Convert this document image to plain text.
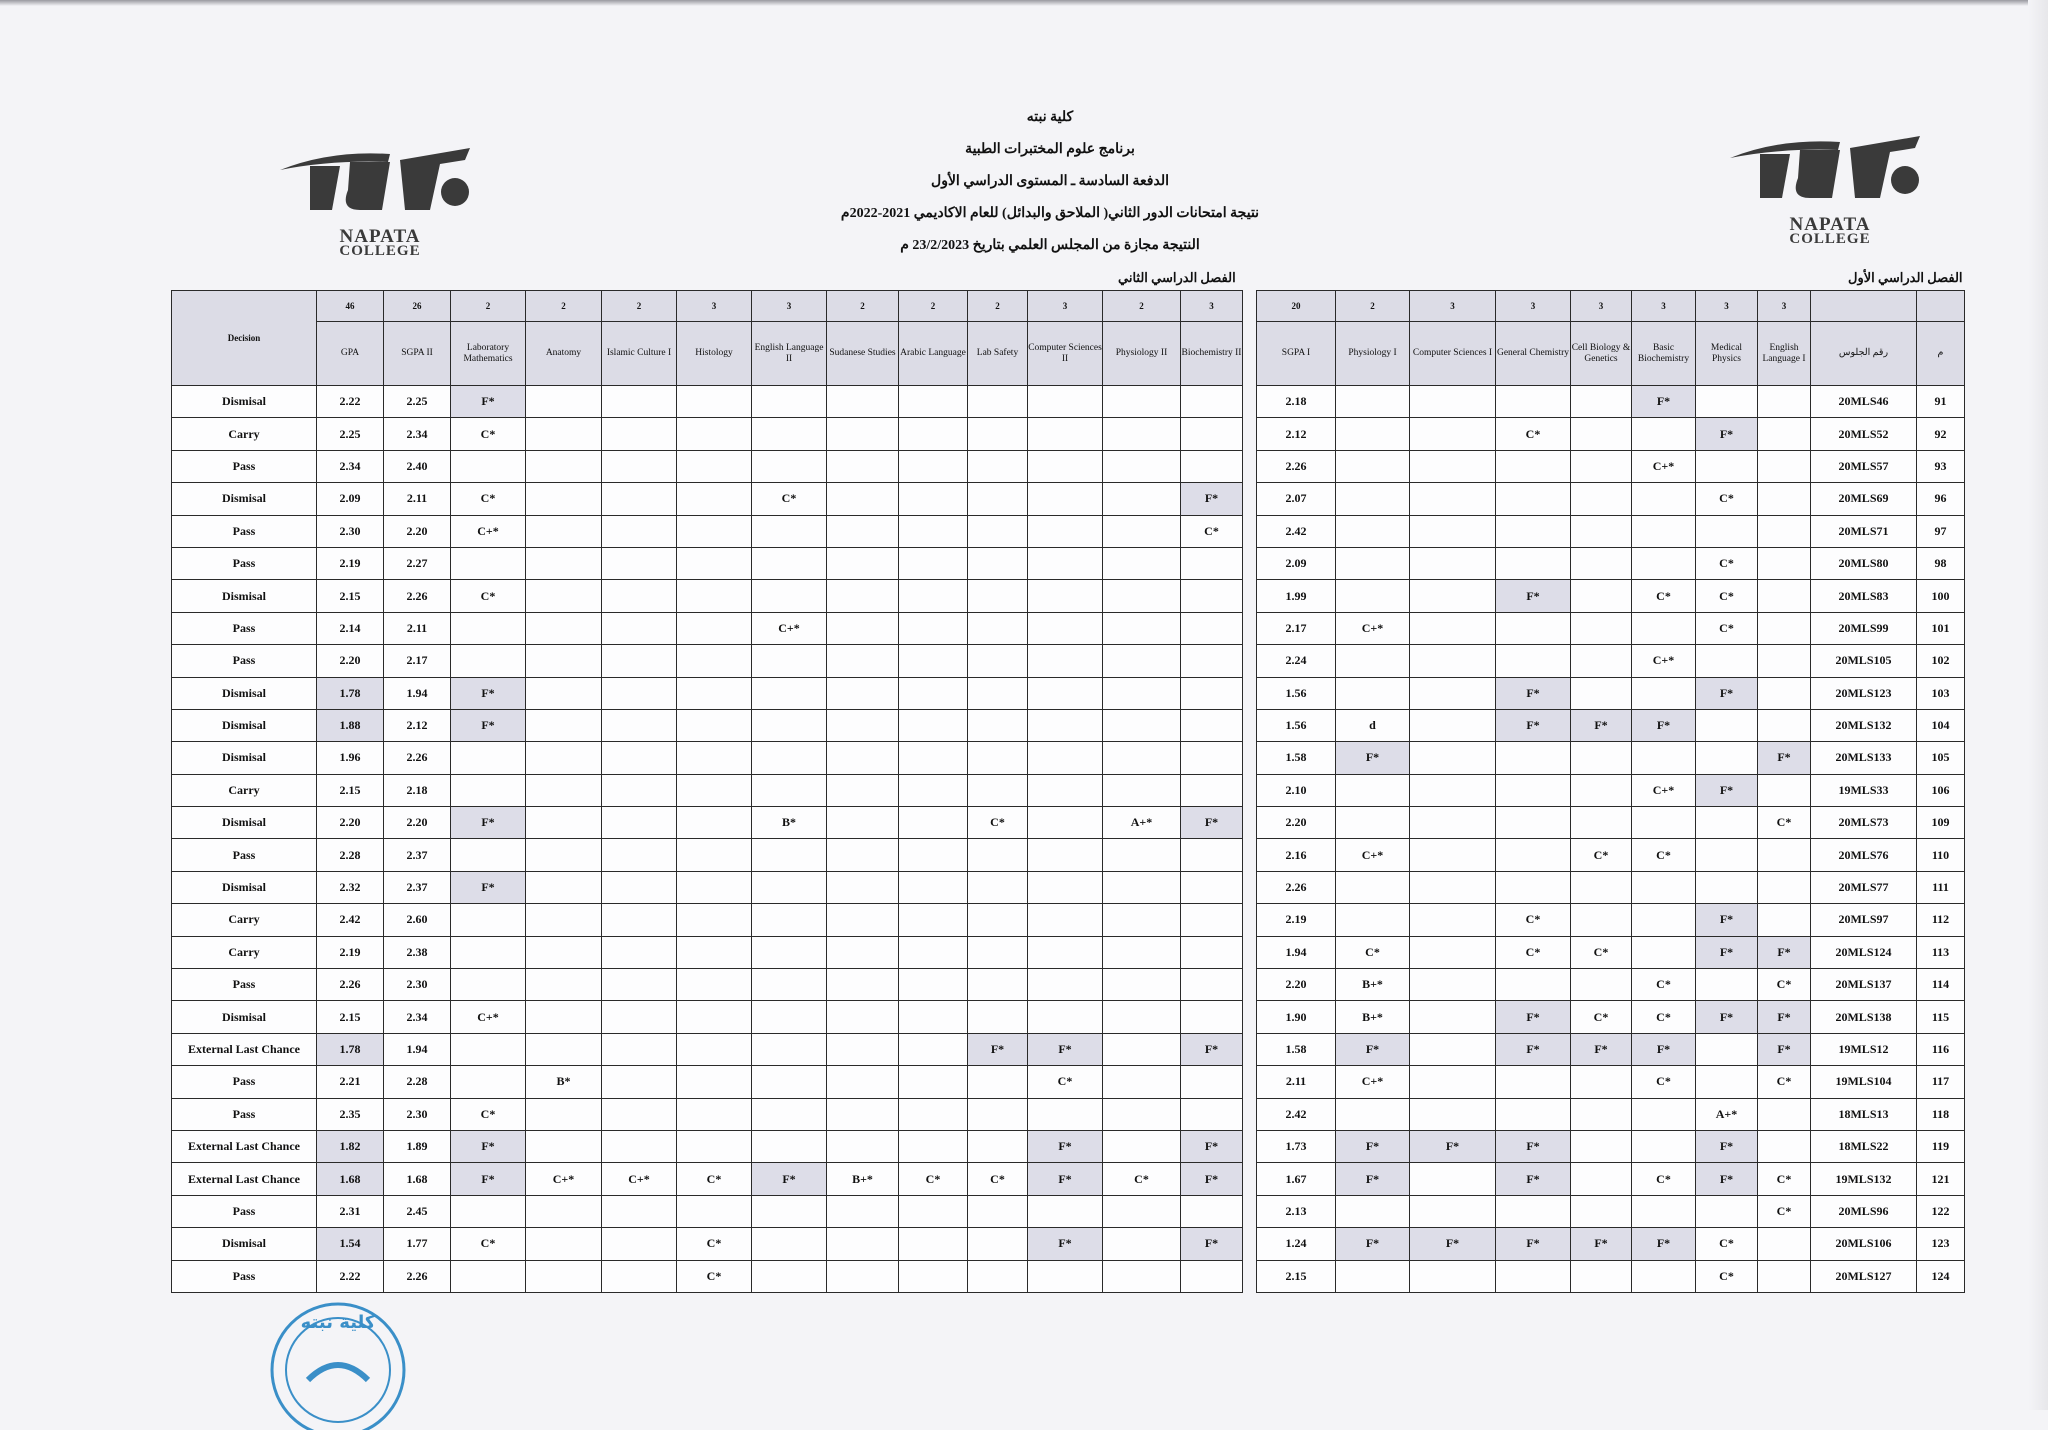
NAPATA
COLLEGE
NAPATA
COLLEGE
كلية نبته
برنامج علوم المختبرات الطبية
الدفعة السادسة ـ المستوى الدراسي الأول
نتيجة امتحانات الدور الثاني( الملاحق والبدائل) للعام الاكاديمي 2021-2022م
النتيجة مجازة من المجلس العلمي بتاريخ 23/2/2023 م
الفصل الدراسي الثاني	الفصل الدراسي الأول
Decision	46	26	2	2	2	3	3	2	2	2	3	2	3
	GPA	SGPA II	Laboratory Mathematics	Anatomy	Islamic Culture I	Histology	English Language II	Sudanese Studies	Arabic Language	Lab Safety	Computer Sciences II	Physiology II	Biochemistry II
Dismisal	2.22	2.25	F*										
Carry	2.25	2.34	C*										
Pass	2.34	2.40											
Dismisal	2.09	2.11	C*				C*						F*
Pass	2.30	2.20	C+*										C*
Pass	2.19	2.27											
Dismisal	2.15	2.26	C*										
Pass	2.14	2.11					C+*						
Pass	2.20	2.17											
Dismisal	1.78	1.94	F*										
Dismisal	1.88	2.12	F*										
Dismisal	1.96	2.26											
Carry	2.15	2.18											
Dismisal	2.20	2.20	F*				B*			C*		A+*	F*
Pass	2.28	2.37											
Dismisal	2.32	2.37	F*										
Carry	2.42	2.60											
Carry	2.19	2.38											
Pass	2.26	2.30											
Dismisal	2.15	2.34	C+*										
External Last Chance	1.78	1.94								F*	F*		F*
Pass	2.21	2.28		B*							C*		
Pass	2.35	2.30	C*										
External Last Chance	1.82	1.89	F*								F*		F*
External Last Chance	1.68	1.68	F*	C+*	C+*	C*	F*	B+*	C*	C*	F*	C*	F*
Pass	2.31	2.45											
Dismisal	1.54	1.77	C*			C*					F*		F*
Pass	2.22	2.26				C*							
20	2	3	3	3	3	3	3		
SGPA I	Physiology I	Computer Sciences I	General Chemistry	Cell Biology & Genetics	Basic Biochemistry	Medical Physics	English Language I	رقم الجلوس	م
2.18					F*			20MLS46	91
2.12			C*			F*		20MLS52	92
2.26					C+*			20MLS57	93
2.07						C*		20MLS69	96
2.42								20MLS71	97
2.09						C*		20MLS80	98
1.99			F*		C*	C*		20MLS83	100
2.17	C+*					C*		20MLS99	101
2.24					C+*			20MLS105	102
1.56			F*			F*		20MLS123	103
1.56	d		F*	F*	F*			20MLS132	104
1.58	F*						F*	20MLS133	105
2.10					C+*	F*		19MLS33	106
2.20							C*	20MLS73	109
2.16	C+*			C*	C*			20MLS76	110
2.26								20MLS77	111
2.19			C*			F*		20MLS97	112
1.94	C*		C*	C*		F*	F*	20MLS124	113
2.20	B+*				C*		C*	20MLS137	114
1.90	B+*		F*	C*	C*	F*	F*	20MLS138	115
1.58	F*		F*	F*	F*		F*	19MLS12	116
2.11	C+*				C*		C*	19MLS104	117
2.42						A+*		18MLS13	118
1.73	F*	F*	F*			F*		18MLS22	119
1.67	F*		F*		C*	F*	C*	19MLS132	121
2.13							C*	20MLS96	122
1.24	F*	F*	F*	F*	F*	C*		20MLS106	123
2.15						C*		20MLS127	124
كلية نبته
